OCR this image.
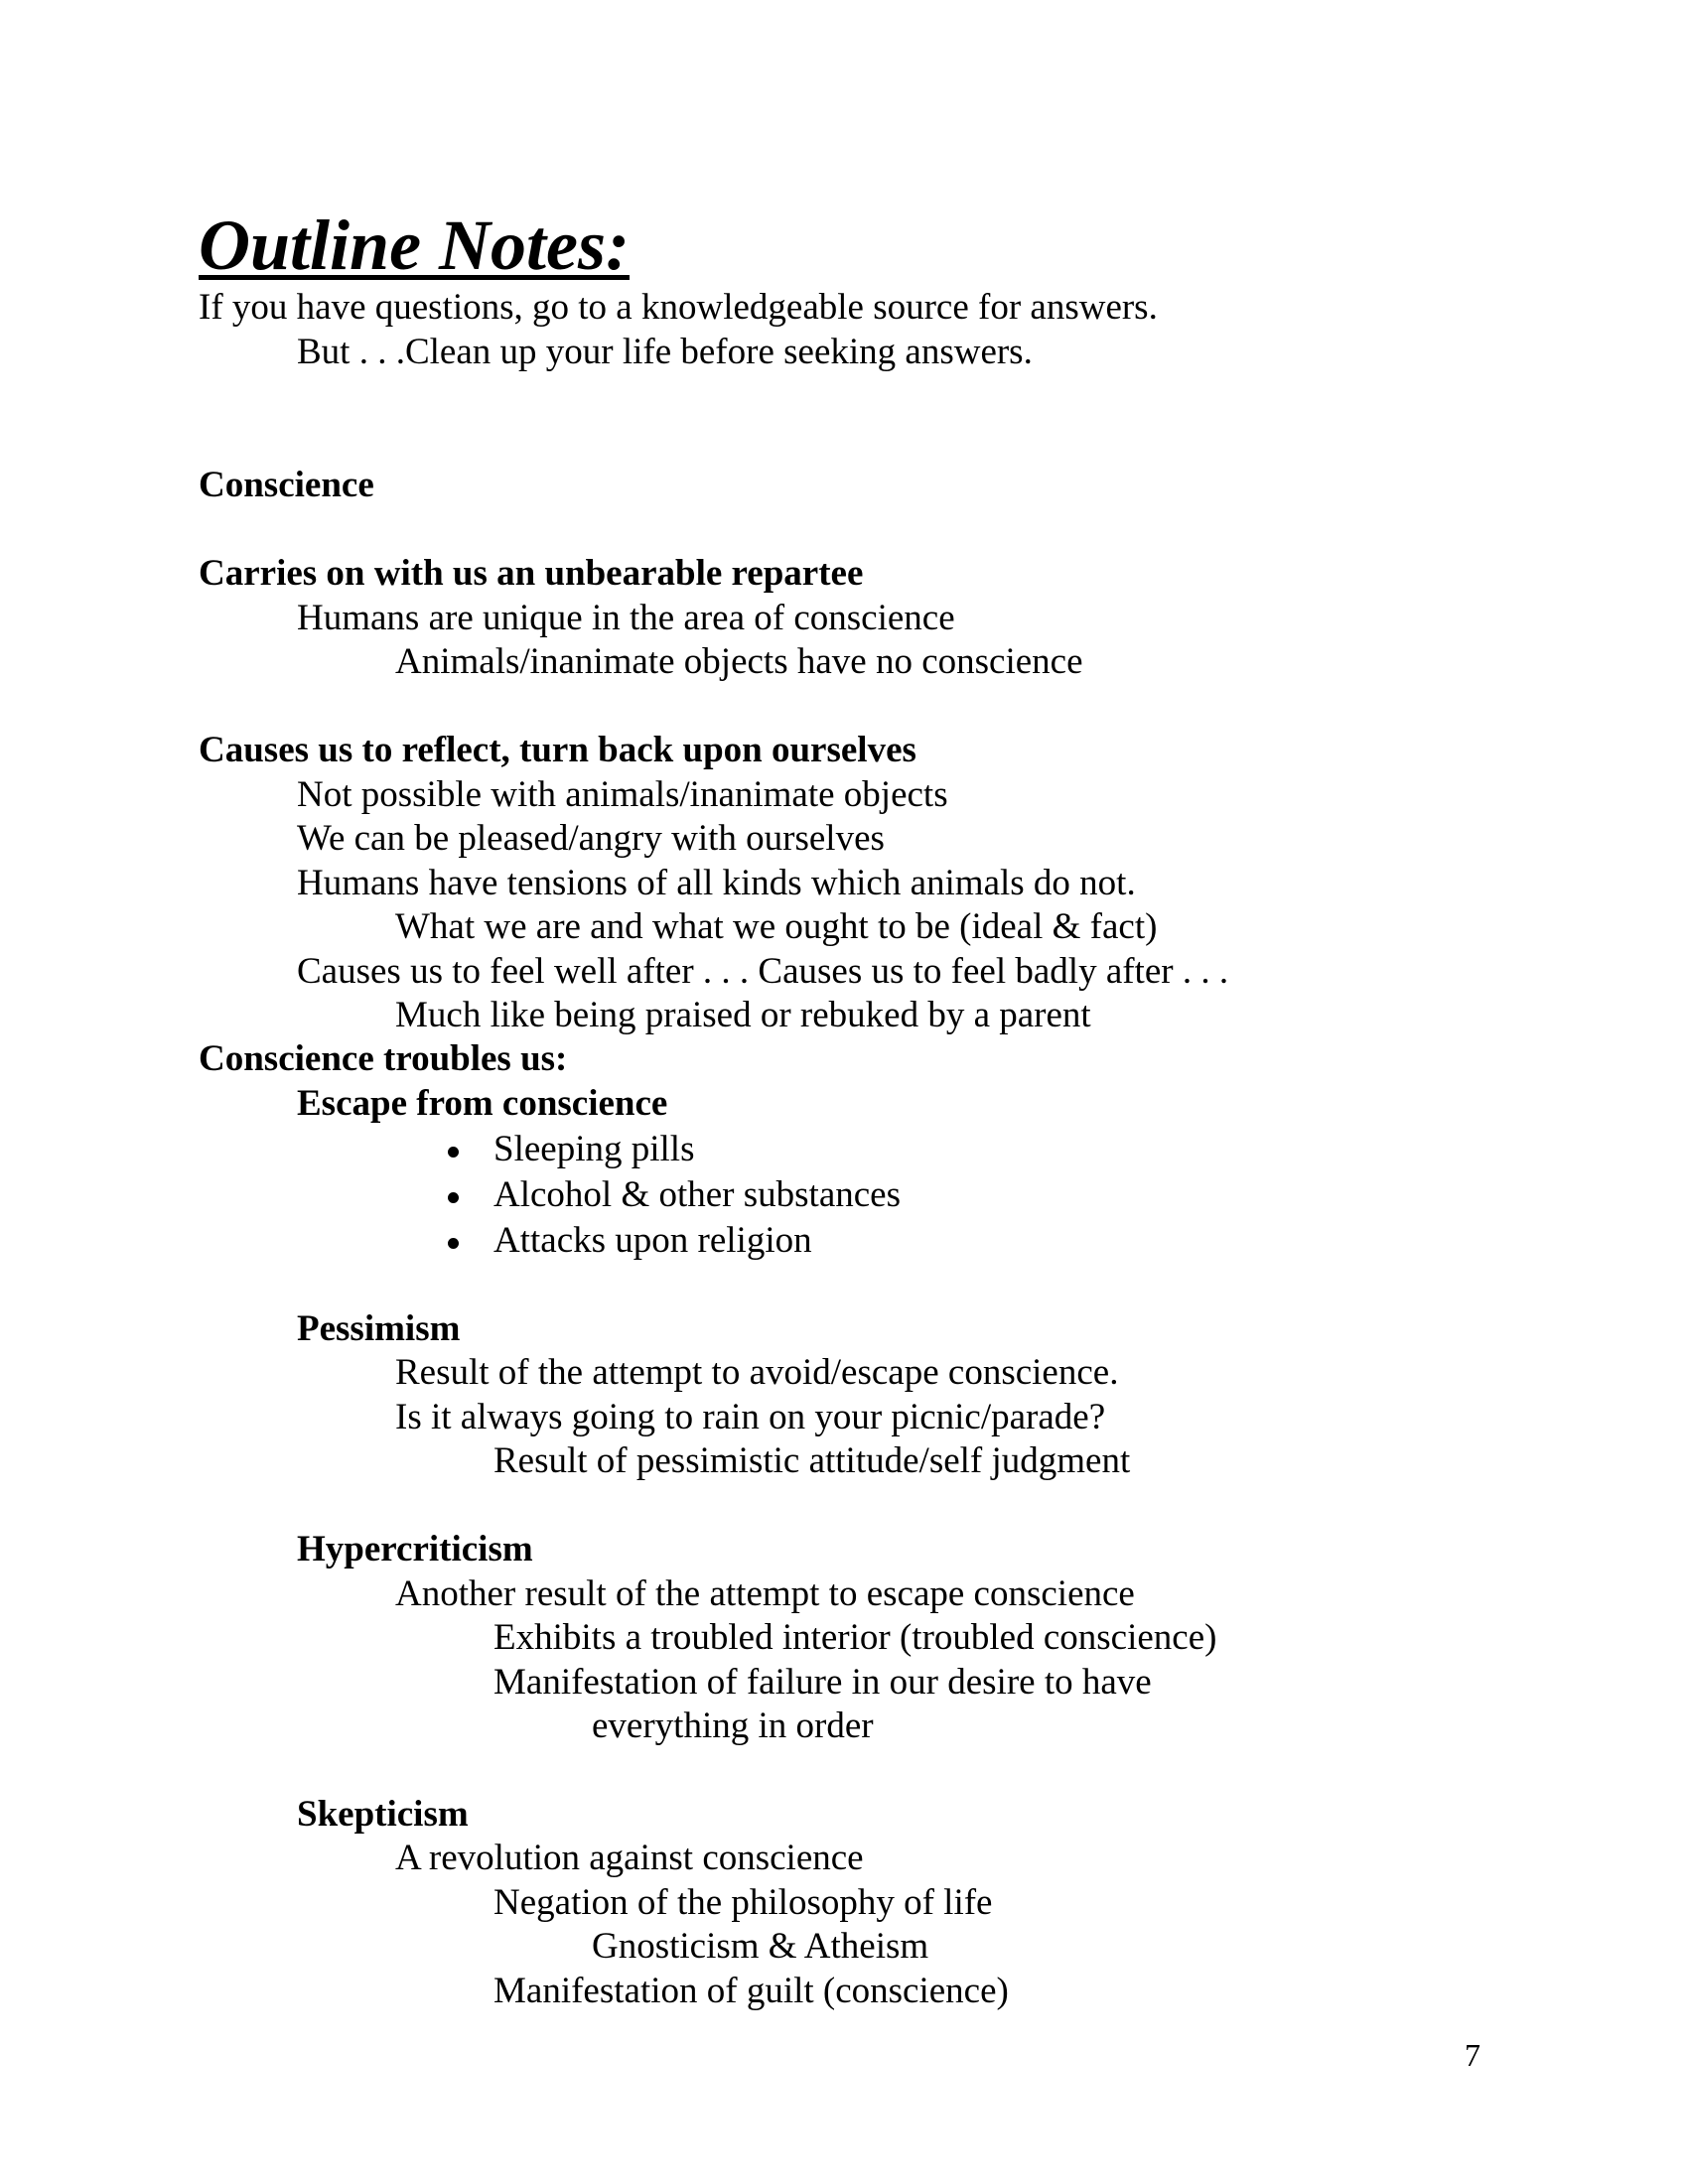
Outline Notes:
If you have questions, go to a knowledgeable source for answers.
But . . .Clean up your life before seeking answers.
Conscience
Carries on with us an unbearable repartee
Humans are unique in the area of conscience
Animals/inanimate objects have no conscience
Causes us to reflect, turn back upon ourselves
Not possible with animals/inanimate objects
We can be pleased/angry with ourselves
Humans have tensions of all kinds which animals do not.
What we are and what we ought to be (ideal & fact)
Causes us to feel well after . . . Causes us to feel badly after . . .
Much like being praised or rebuked by a parent
Conscience troubles us:
Escape from conscience
Sleeping pills
Alcohol & other substances
Attacks upon religion
Pessimism
Result of the attempt to avoid/escape conscience.
Is it always going to rain on your picnic/parade?
Result of pessimistic attitude/self judgment
Hypercriticism
Another result of the attempt to escape conscience
Exhibits a troubled interior (troubled conscience)
Manifestation of failure in our desire to have
everything in order
Skepticism
A revolution against conscience
Negation of the philosophy of life
Gnosticism & Atheism
Manifestation of guilt (conscience)
7
